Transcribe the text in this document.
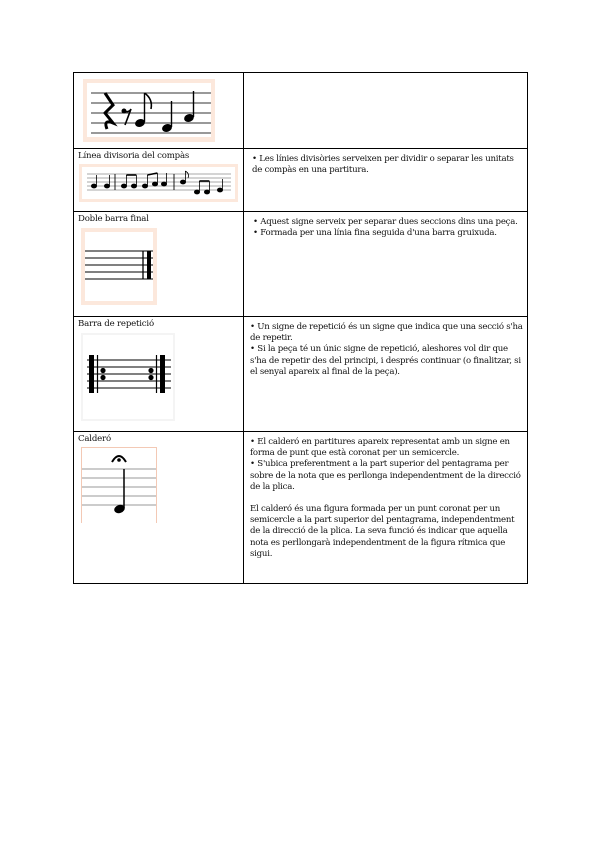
Línea divisoria del compàs	• Les línies divisòries serveixen per dividir o separar les unitats de compàs en una partitura.

Doble barra final	• Aquest signe serveix per separar dues seccions dins una peça.

• Formada per una línia fina seguida d'una barra gruixuda.

Barra de repetició	• Un signe de repetició és un signe que indica que una secció s'ha de repetir.

• Si la peça té un únic signe de repetició, aleshores vol dir que s'ha de repetir des del principi, i després continuar (o finalitzar, si el senyal apareix al final de la peça).

Calderó	• El calderó en partitures apareix representat amb un signe en forma de punt que està coronat per un semicercle.

• S'ubica preferentment a la part superior del pentagrama per sobre de la nota que es perllonga independentment de la direcció de la plica.

El calderó és una figura formada per un punt coronat per un semicercle a la part superior del pentagrama, independentment de la direcció de la plica. La seva funció és indicar que aquella nota es perllongarà independentment de la figura rítmica que sigui.
